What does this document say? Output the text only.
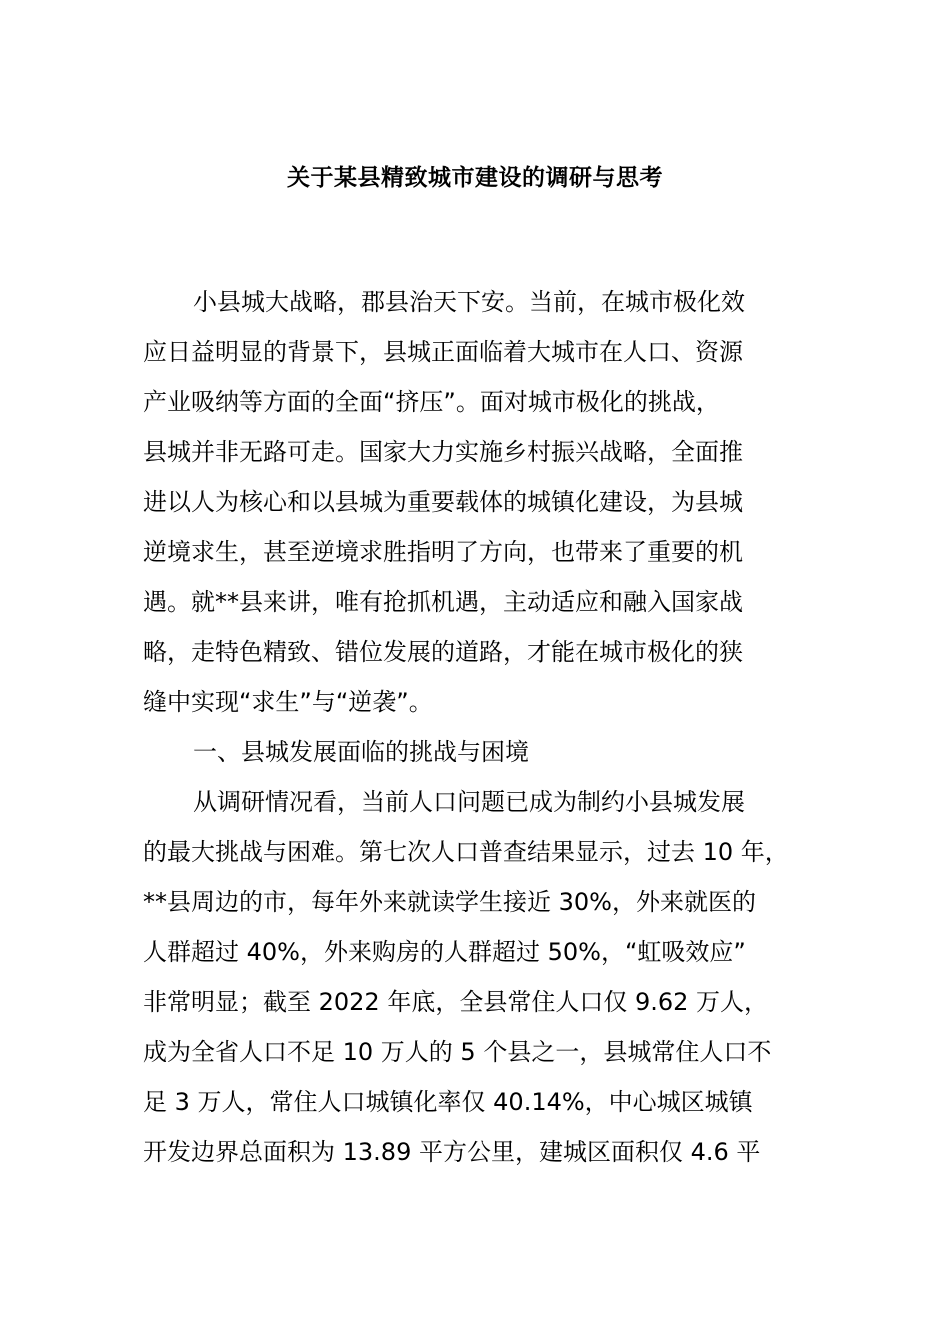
关于某县精致城市建设的调研与思考
小县城大战略，郡县治天下安。当前，在城市极化效
应日益明显的背景下，县城正面临着大城市在人口、资源
产业吸纳等方面的全面“挤压”。面对城市极化的挑战，
县城并非无路可走。国家大力实施乡村振兴战略，全面推
进以人为核心和以县城为重要载体的城镇化建设，为县城
逆境求生，甚至逆境求胜指明了方向，也带来了重要的机
遇。就**县来讲，唯有抢抓机遇，主动适应和融入国家战
略，走特色精致、错位发展的道路，才能在城市极化的狭
缝中实现“求生”与“逆袭”。
一、县城发展面临的挑战与困境
从调研情况看，当前人口问题已成为制约小县城发展
的最大挑战与困难。第七次人口普查结果显示，过去 10 年，
**县周边的市，每年外来就读学生接近 30%，外来就医的
人群超过 40%，外来购房的人群超过 50%，“虹吸效应”
非常明显；截至 2022 年底，全县常住人口仅 9.62 万人，
成为全省人口不足 10 万人的 5 个县之一，县城常住人口不
足 3 万人，常住人口城镇化率仅 40.14%，中心城区城镇
开发边界总面积为 13.89 平方公里，建城区面积仅 4.6 平
